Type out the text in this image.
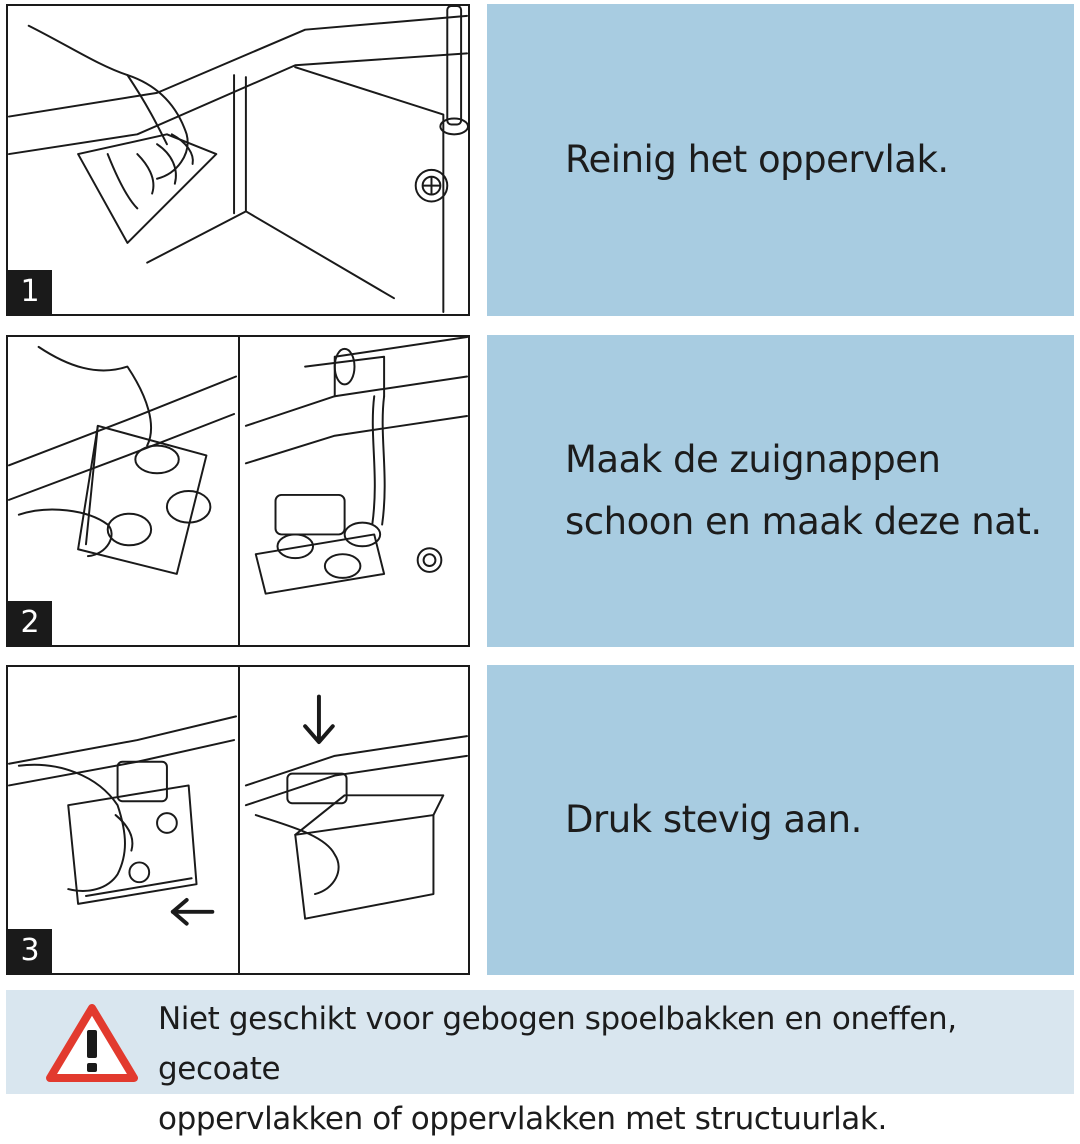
1
Reinig het oppervlak.
2
Maak de zuignappen
schoon en maak deze nat.
3
Druk stevig aan.
Niet geschikt voor gebogen spoelbakken en oneffen, gecoate
oppervlakken of oppervlakken met structuurlak.
